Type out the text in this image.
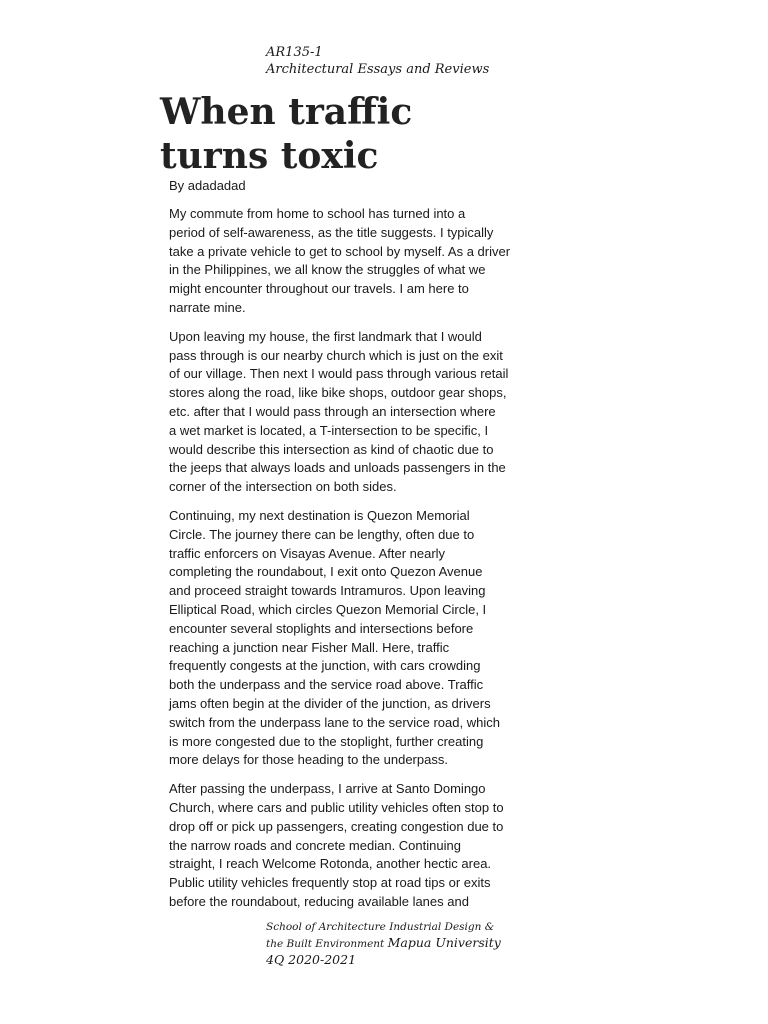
AR135-1
Architectural Essays and Reviews
When traffic
turns toxic
By adadadad

My commute from home to school has turned into a
period of self-awareness, as the title suggests. I typically
take a private vehicle to get to school by myself. As a driver
in the Philippines, we all know the struggles of what we
might encounter throughout our travels. I am here to
narrate mine.

Upon leaving my house, the first landmark that I would
pass through is our nearby church which is just on the exit
of our village. Then next I would pass through various retail
stores along the road, like bike shops, outdoor gear shops,
etc. after that I would pass through an intersection where
a wet market is located, a T-intersection to be specific, I
would describe this intersection as kind of chaotic due to
the jeeps that always loads and unloads passengers in the
corner of the intersection on both sides.

Continuing, my next destination is Quezon Memorial
Circle. The journey there can be lengthy, often due to
traffic enforcers on Visayas Avenue. After nearly
completing the roundabout, I exit onto Quezon Avenue
and proceed straight towards Intramuros. Upon leaving
Elliptical Road, which circles Quezon Memorial Circle, I
encounter several stoplights and intersections before
reaching a junction near Fisher Mall. Here, traffic
frequently congests at the junction, with cars crowding
both the underpass and the service road above. Traffic
jams often begin at the divider of the junction, as drivers
switch from the underpass lane to the service road, which
is more congested due to the stoplight, further creating
more delays for those heading to the underpass.

After passing the underpass, I arrive at Santo Domingo
Church, where cars and public utility vehicles often stop to
drop off or pick up passengers, creating congestion due to
the narrow roads and concrete median. Continuing
straight, I reach Welcome Rotonda, another hectic area.
Public utility vehicles frequently stop at road tips or exits
before the roundabout, reducing available lanes and

School of Architecture Industrial Design &
the Built Environment Mapua University
4Q 2020-2021
